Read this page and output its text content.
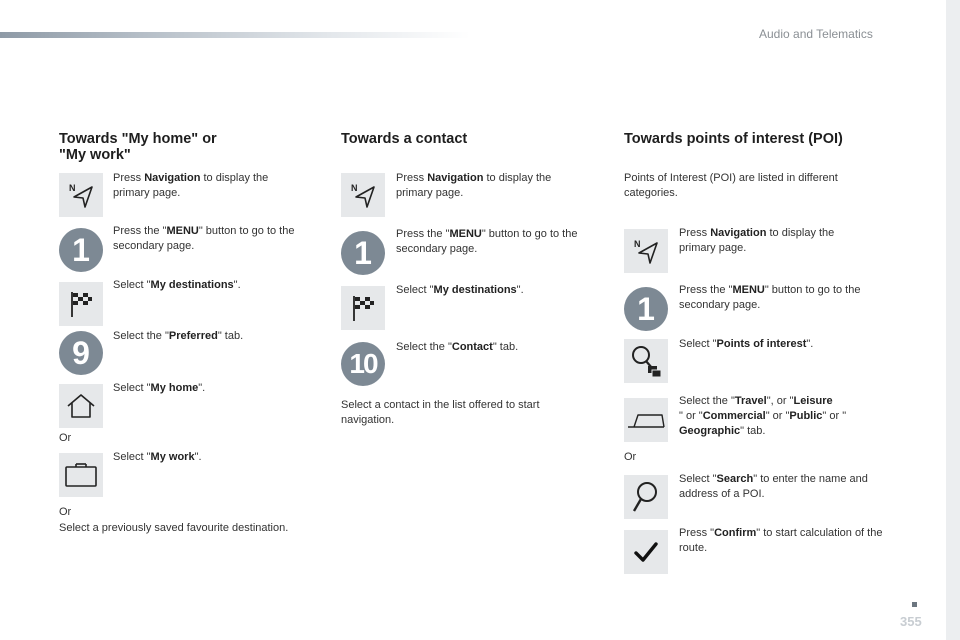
Audio and Telematics
Towards "My home" or
"My work"
N
Press Navigation to display the primary page.
1
Press the "MENU" button to go to the secondary page.
Select "My destinations".
9	Select the "Preferred" tab.
Select "My home".
Or
Select "My work".
Or
Select a previously saved favourite destination.
Towards a contact
N
Press Navigation to display the primary page.
1
Press the "MENU" button to go to the secondary page.
Select "My destinations".
10
Select the "Contact" tab.
Select a contact in the list offered to start navigation.
Towards points of interest (POI)
Points of Interest (POI) are listed in different categories.
N
Press Navigation to display the primary page.
1
Press the "MENU" button to go to the secondary page.
Select "Points of interest".
Select the "Travel", or "Leisure
" or "Commercial" or "Public" or "
Geographic" tab.
Or
Select "Search" to enter the name and address of a POI.
Press "Confirm" to start calculation of the route.
355
